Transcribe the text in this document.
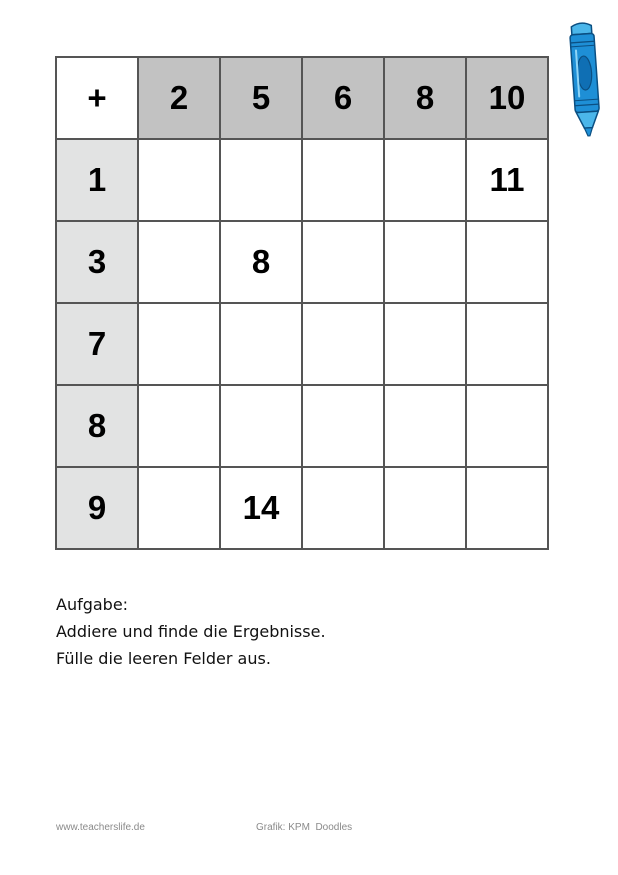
+	2	5	6	8	10
1					11
3		8			
7					
8					
9		14			
Aufgabe:
Addiere und finde die Ergebnisse.
Fülle die leeren Felder aus.
www.teacherslife.de	Grafik: KPM  Doodles
